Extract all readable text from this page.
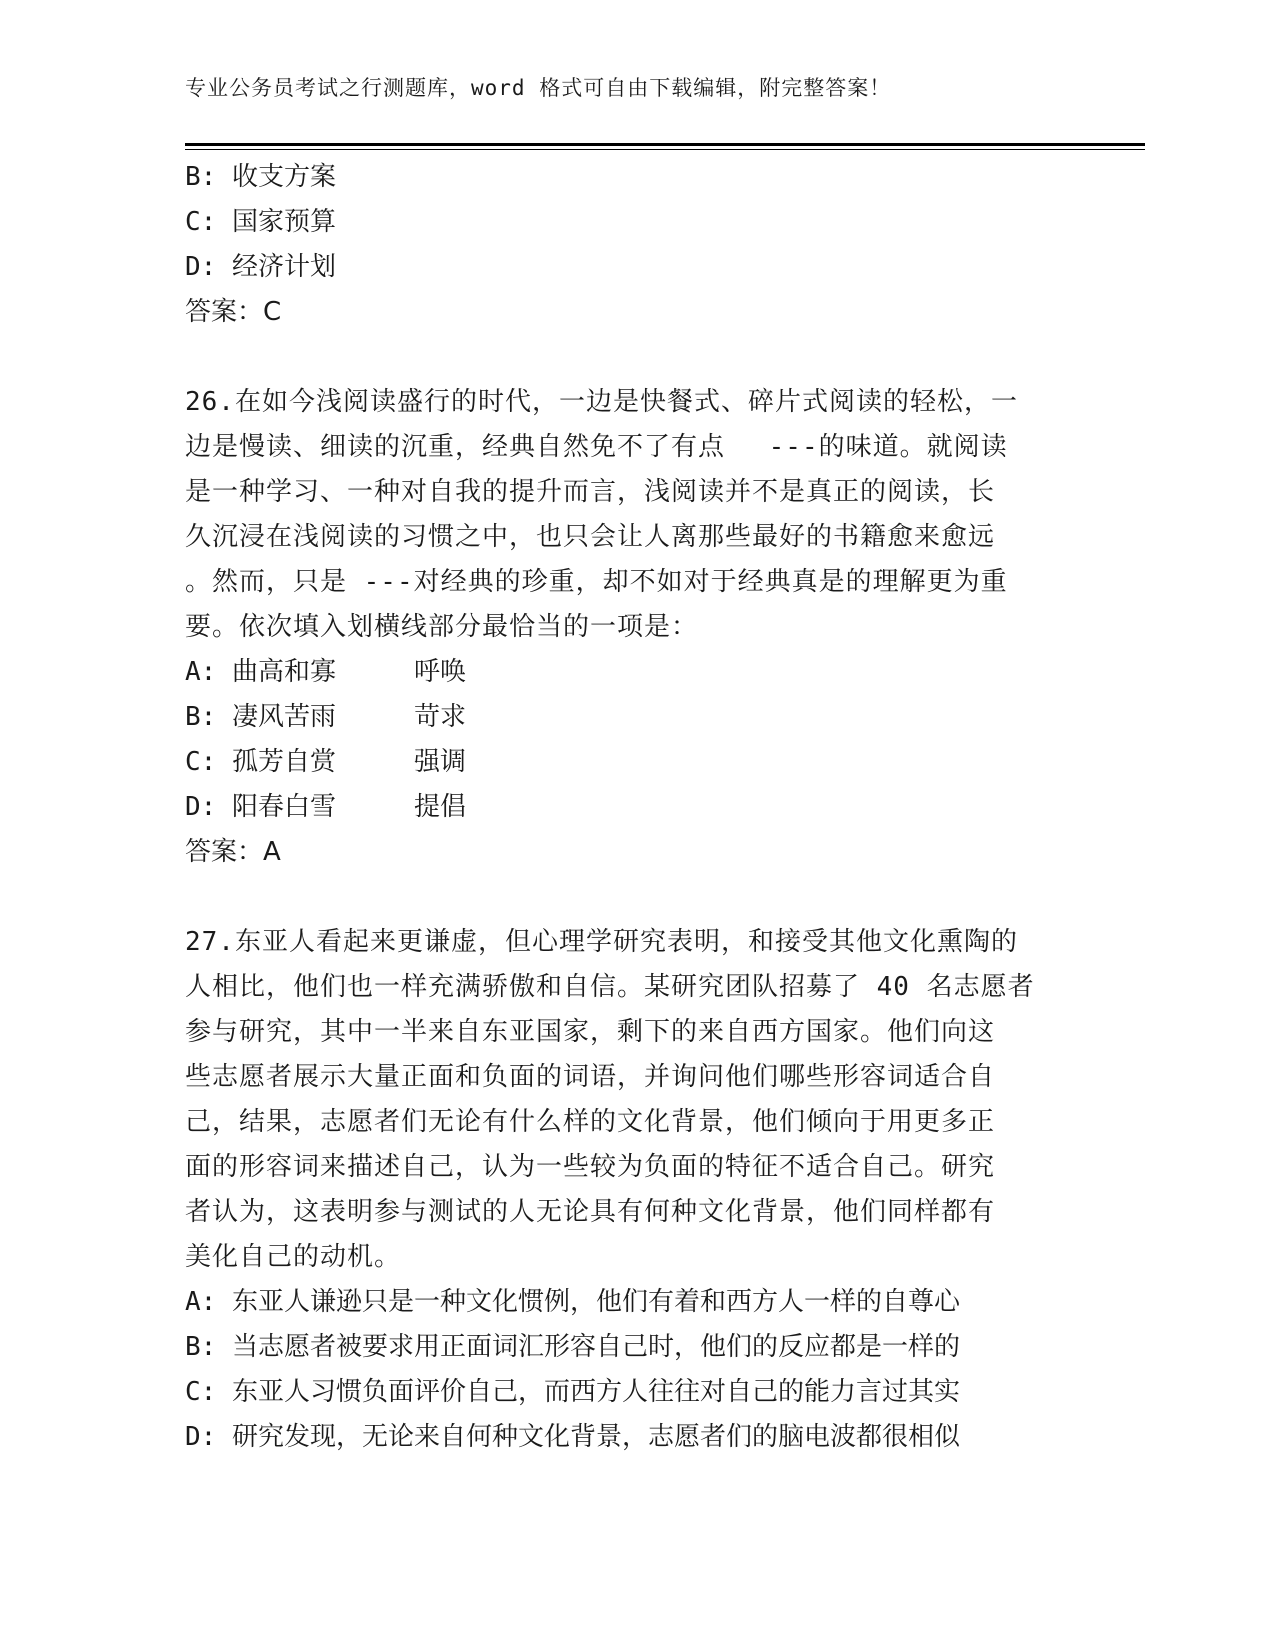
专业公务员考试之行测题库，word 格式可自由下载编辑，附完整答案！
B: 收支方案
C: 国家预算
D: 经济计划
答案：C
26.在如今浅阅读盛行的时代，一边是快餐式、碎片式阅读的轻松，一
边是慢读、细读的沉重，经典自然免不了有点　 ---的味道。就阅读
是一种学习、一种对自我的提升而言，浅阅读并不是真正的阅读，长
久沉浸在浅阅读的习惯之中，也只会让人离那些最好的书籍愈来愈远
。然而，只是 ---对经典的珍重，却不如对于经典真是的理解更为重
要。依次填入划横线部分最恰当的一项是：
A: 曲高和寡　　　呼唤
B: 凄风苦雨　　　苛求
C: 孤芳自赏　　　强调
D: 阳春白雪　　　提倡
答案：A
27.东亚人看起来更谦虚，但心理学研究表明，和接受其他文化熏陶的
人相比，他们也一样充满骄傲和自信。某研究团队招募了 40 名志愿者
参与研究，其中一半来自东亚国家，剩下的来自西方国家。他们向这
些志愿者展示大量正面和负面的词语，并询问他们哪些形容词适合自
己，结果，志愿者们无论有什么样的文化背景，他们倾向于用更多正
面的形容词来描述自己，认为一些较为负面的特征不适合自己。研究
者认为，这表明参与测试的人无论具有何种文化背景，他们同样都有
美化自己的动机。
A: 东亚人谦逊只是一种文化惯例，他们有着和西方人一样的自尊心
B: 当志愿者被要求用正面词汇形容自己时，他们的反应都是一样的
C: 东亚人习惯负面评价自己，而西方人往往对自己的能力言过其实
D: 研究发现，无论来自何种文化背景，志愿者们的脑电波都很相似
